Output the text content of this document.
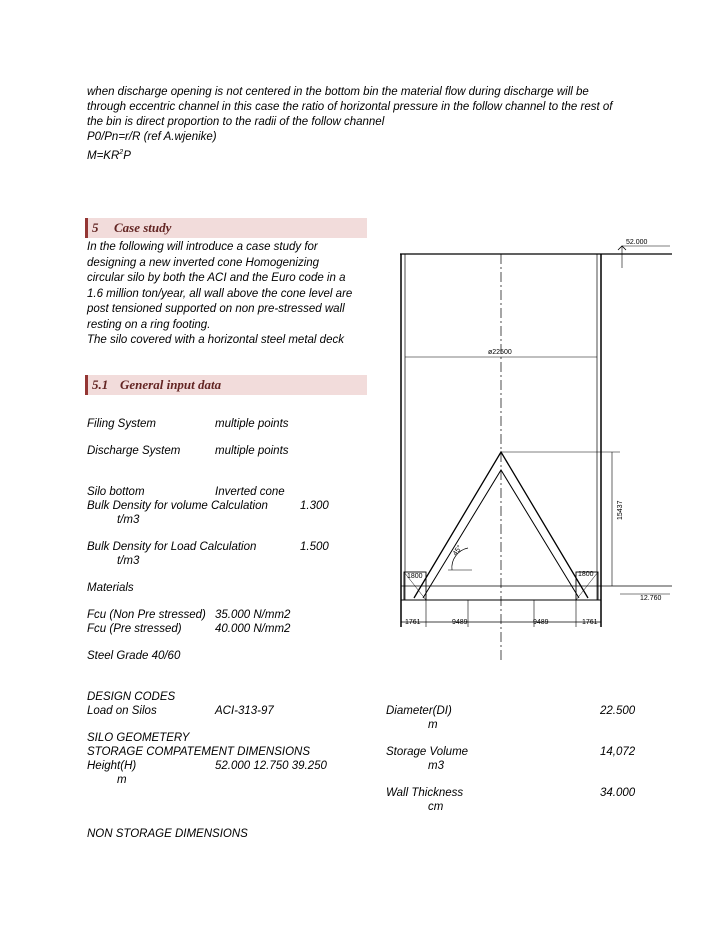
when discharge opening is not centered in the bottom bin the material flow during discharge will be
through eccentric channel in this case the ratio of horizontal pressure in the follow channel to the rest of
the bin is direct proportion to the radii of the follow channel
P0/Pn=r/R (ref A.wjenike)
$M=KR^2P$
5 Case study
In the following will introduce a case study for
designing a new inverted cone Homogenizing
circular silo by both the ACI and the Euro code in a
1.6 million ton/year, all wall above the cone level are
post tensioned supported on non pre-stressed wall
resting on a ring footing.
The silo covered with a horizontal steel metal deck
5.1 General input data
Filing System	multiple points
Discharge System	multiple points
Silo bottom	Inverted cone
Bulk Density for volume Calculation	1.300
t/m3
Bulk Density for Load Calculation	1.500
t/m3
Materials
Fcu (Non Pre stressed) 35.000 N/mm2
Fcu (Pre stressed)	40.000 N/mm2
Steel Grade 40/60
DESIGN CODES
Load on Silos	ACI-313-97
SILO GEOMETERY
STORAGE COMPATEMENT DIMENSIONS
Height(H)	52.000 12.750 39.250
m
NON STORAGE DIMENSIONS
Diameter(DI)	22.500
m
Storage Volume	14,072
m3
Wall Thickness	34.000
cm
52.000
12.760
ø22500
15437
45°
1800	1800
1761	9489	9489	1761
